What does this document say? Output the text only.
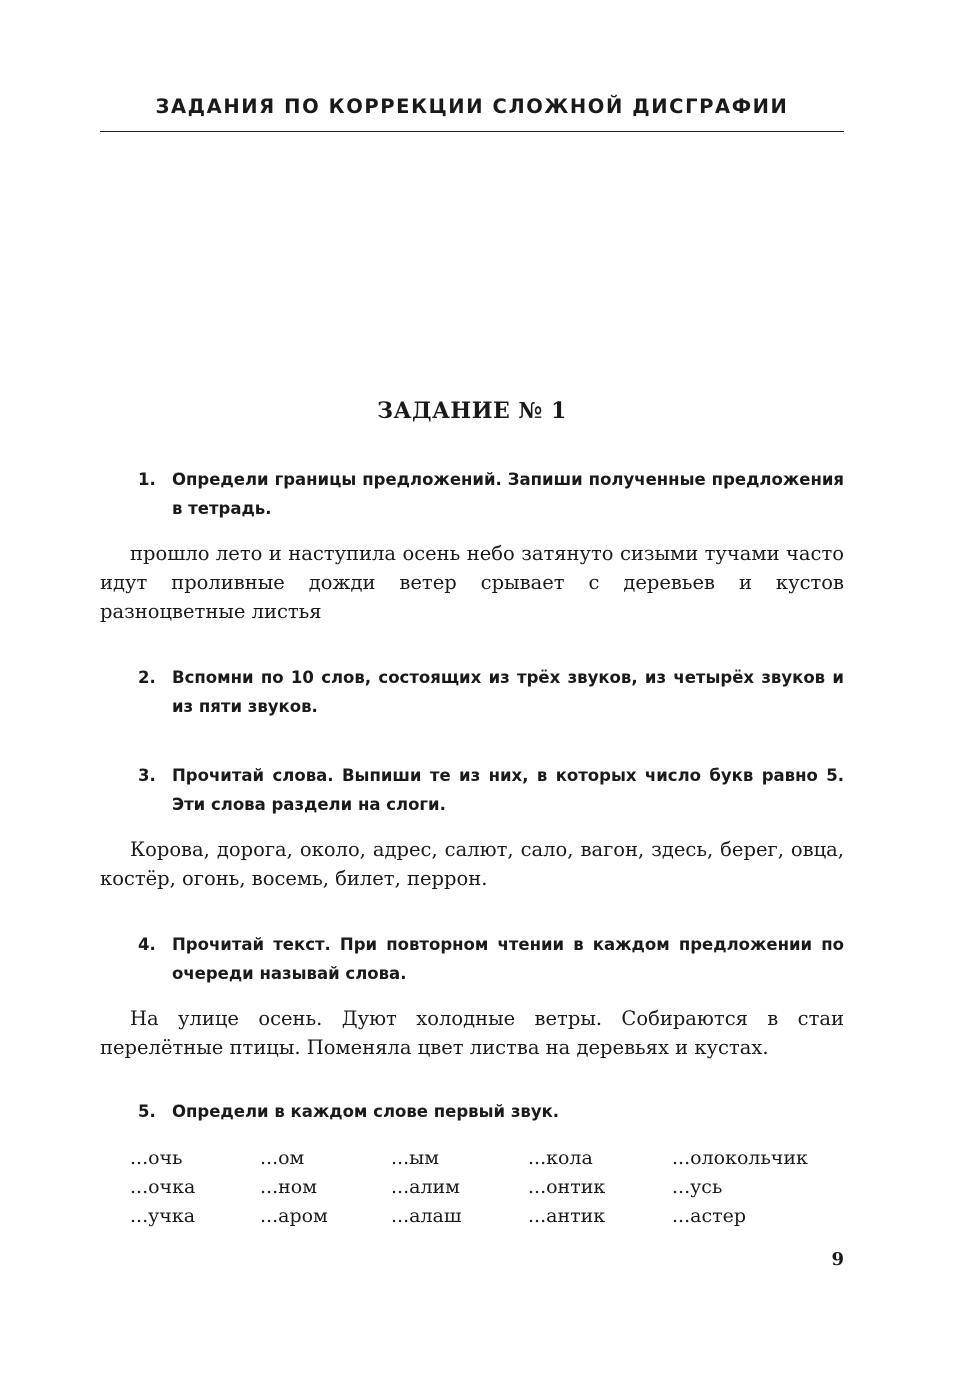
ЗАДАНИЯ ПО КОРРЕКЦИИ СЛОЖНОЙ ДИСГРАФИИ
ЗАДАНИЕ № 1
1. Определи границы предложений. Запиши полученные предложения в тетрадь.
прошло лето и наступила осень небо затянуто сизыми тучами часто идут проливные дожди ветер срывает с деревьев и кустов разноцветные листья
2. Вспомни по 10 слов, состоящих из трёх звуков, из четырёх звуков и из пяти звуков.
3. Прочитай слова. Выпиши те из них, в которых число букв равно 5. Эти слова раздели на слоги.
Корова, дорога, около, адрес, салют, сало, вагон, здесь, берег, овца, костёр, огонь, восемь, билет, перрон.
4. Прочитай текст. При повторном чтении в каждом предложении по очереди называй слова.
На улице осень. Дуют холодные ветры. Собираются в стаи перелётные птицы. Поменяла цвет листва на деревьях и кустах.
5. Определи в каждом слове первый звук.
...очь	...ом	...ым	...кола	...олокольчик
...очка	...ном	...алим	...онтик	...усь
...учка	...аром	...алаш	...антик	...астер
9
